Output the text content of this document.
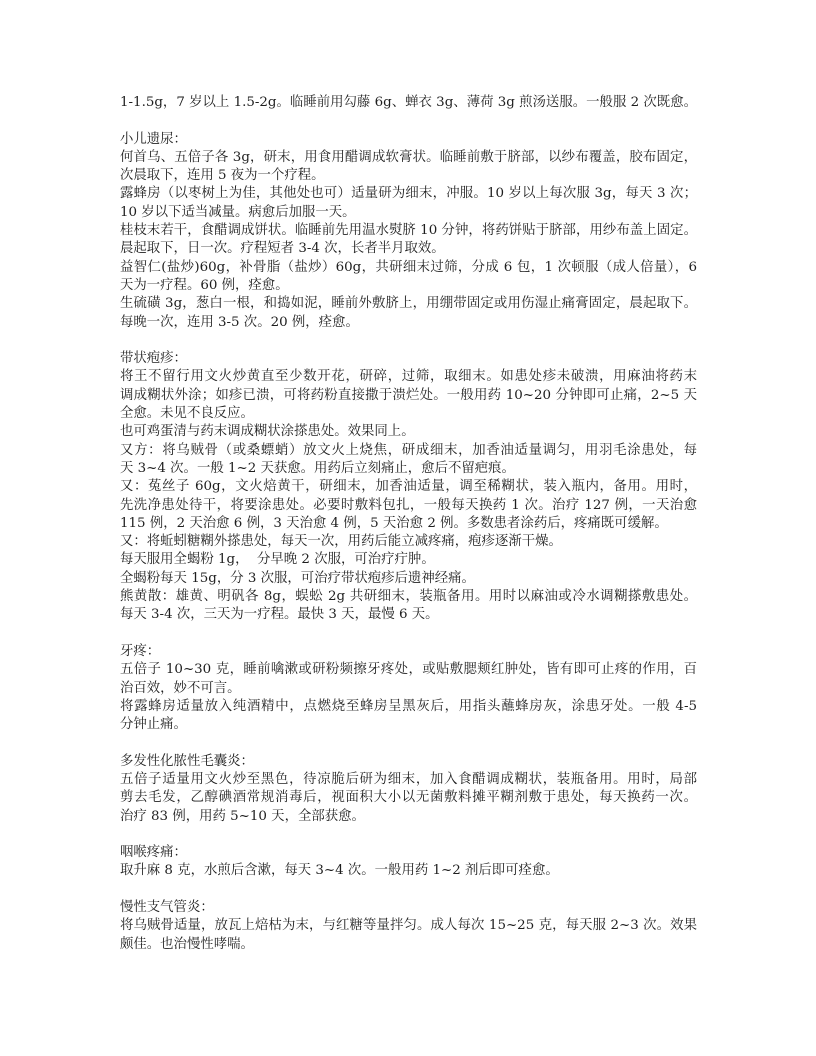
1-1.5g，7 岁以上 1.5-2g。临睡前用勾藤 6g、蝉衣 3g、薄荷 3g 煎汤送服。一般服 2 次既愈。
小儿遗尿：
何首乌、五倍子各 3g，研末，用食用醋调成软膏状。临睡前敷于脐部，以纱布覆盖，胶布固定，
次晨取下，连用 5 夜为一个疗程。
露蜂房（以枣树上为佳，其他处也可）适量研为细末，冲服。10 岁以上每次服 3g，每天 3 次；
10 岁以下适当减量。病愈后加服一天。
桂枝末若干，食醋调成饼状。临睡前先用温水熨脐 10 分钟，将药饼贴于脐部，用纱布盖上固定。
晨起取下，日一次。疗程短者 3-4 次，长者半月取效。
益智仁(盐炒)60g，补骨脂（盐炒）60g，共研细末过筛，分成 6 包，1 次顿服（成人倍量），6
天为一疗程。60 例，痊愈。
生硫磺 3g，葱白一根，和捣如泥，睡前外敷脐上，用绷带固定或用伤湿止痛膏固定，晨起取下。
每晚一次，连用 3-5 次。20 例，痊愈。
带状疱疹：
将王不留行用文火炒黄直至少数开花，研碎，过筛，取细末。如患处疹未破溃，用麻油将药末
调成糊状外涂；如疹已溃，可将药粉直接撒于溃烂处。一般用药 10~20 分钟即可止痛，2~5 天
全愈。未见不良反应。
也可鸡蛋清与药末调成糊状涂搽患处。效果同上。
又方：将乌贼骨（或桑螵蛸）放文火上烧焦，研成细末，加香油适量调匀，用羽毛涂患处，每
天 3~4 次。一般 1~2 天获愈。用药后立刻痛止，愈后不留疤痕。
又：菟丝子 60g，文火焙黄干，研细末，加香油适量，调至稀糊状，装入瓶内，备用。用时，
先洗净患处待干，将要涂患处。必要时敷料包扎，一般每天换药 1 次。治疗 127 例，一天治愈
115 例，2 天治愈 6 例，3 天治愈 4 例，5 天治愈 2 例。多数患者涂药后，疼痛既可缓解。
又：将蚯蚓糖糊外搽患处，每天一次，用药后能立减疼痛，疱疹逐渐干燥。
每天服用全蝎粉 1g，  分早晚 2 次服，可治疗疔肿。
全蝎粉每天 15g，分 3 次服，可治疗带状疱疹后遗神经痛。
熊黄散：雄黄、明矾各 8g，蜈蚣 2g 共研细末，装瓶备用。用时以麻油或冷水调糊搽敷患处。
每天 3-4 次，三天为一疗程。最快 3 天，最慢 6 天。
牙疼：
五倍子 10~30 克，睡前噙漱或研粉频擦牙疼处，或贴敷腮颊红肿处，皆有即可止疼的作用，百
治百效，妙不可言。
将露蜂房适量放入纯酒精中，点燃烧至蜂房呈黑灰后，用指头蘸蜂房灰，涂患牙处。一般 4-5
分钟止痛。
多发性化脓性毛囊炎：
五倍子适量用文火炒至黑色，待凉脆后研为细末，加入食醋调成糊状，装瓶备用。用时，局部
剪去毛发，乙醇碘酒常规消毒后，视面积大小以无菌敷料摊平糊剂敷于患处，每天换药一次。
治疗 83 例，用药 5~10 天，全部获愈。
咽喉疼痛：
取升麻 8 克，水煎后含漱，每天 3~4 次。一般用药 1~2 剂后即可痊愈。
慢性支气管炎：
将乌贼骨适量，放瓦上焙枯为末，与红糖等量拌匀。成人每次 15~25 克，每天服 2~3 次。效果
颇佳。也治慢性哮喘。
